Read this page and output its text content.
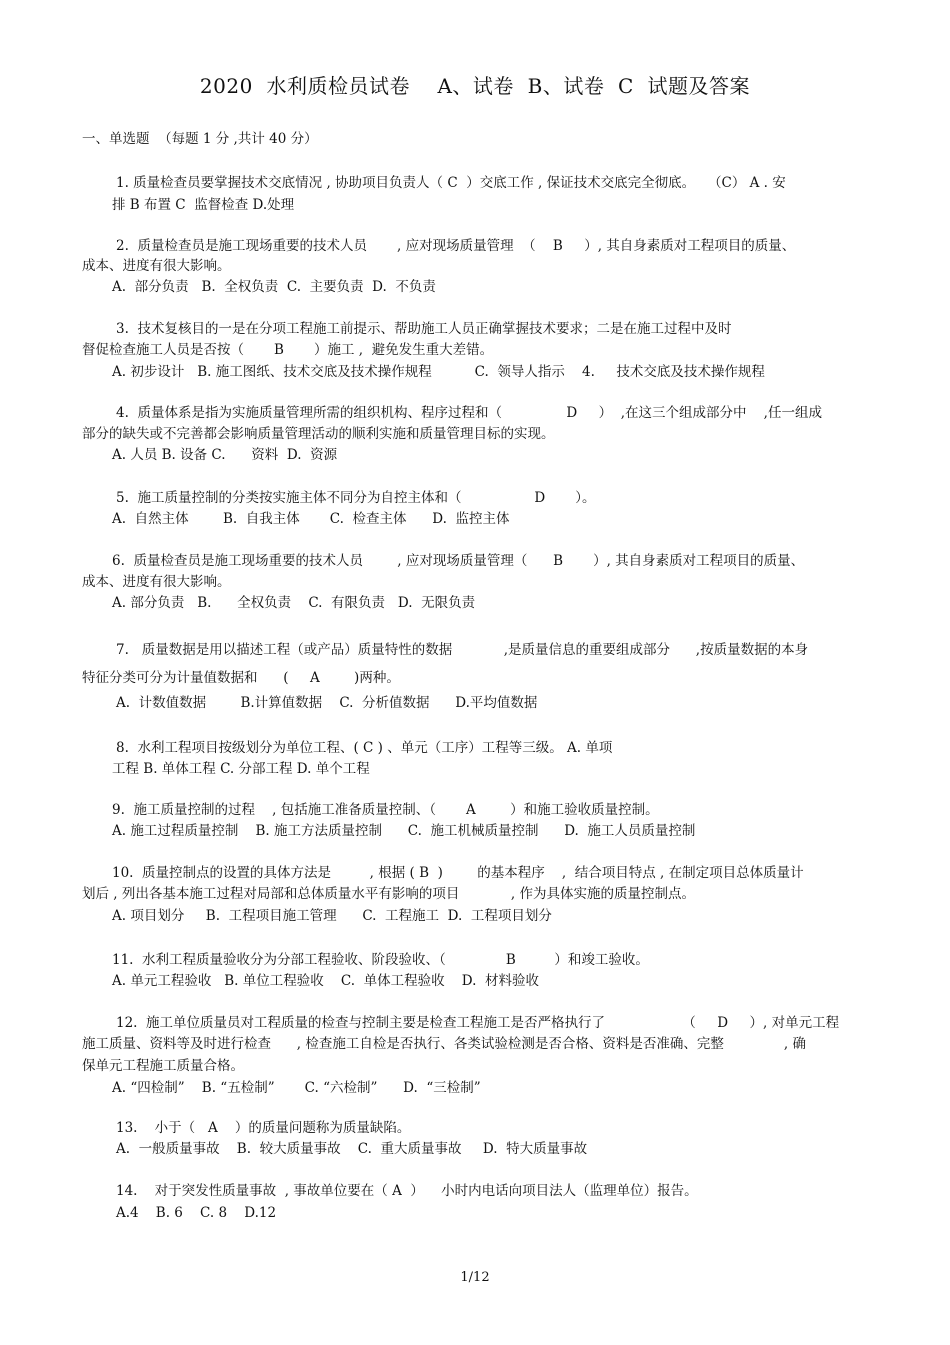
2020  水利质检员试卷    A、试卷  B、试卷  C  试题及答案
一、单选题  （每题 1 分 ,共计 40 分）
1. 质量检查员要掌握技术交底情况 , 协助项目负责人（ C  ）交底工作 , 保证技术交底完全彻底。   （C） A . 安
排 B 布置 C  监督检查 D.处理
2.  质量检查员是施工现场重要的技术人员       , 应对现场质量管理  （    B     ）, 其自身素质对工程项目的质量、
成本、进度有很大影响。
A.  部分负责   B.  全权负责  C.  主要负责  D.  不负责
3.  技术复核目的一是在分项工程施工前提示、帮助施工人员正确掌握技术要求；二是在施工过程中及时
督促检查施工人员是否按（       B       ）施工 ,  避免发生重大差错。
A. 初步设计   B. 施工图纸、技术交底及技术操作规程          C.  领导人指示    4.     技术交底及技术操作规程
4.  质量体系是指为实施质量管理所需的组织机构、程序过程和（               D     ）  ,在这三个组成部分中    ,任一组成
部分的缺失或不完善都会影响质量管理活动的顺利实施和质量管理目标的实现。
A. 人员 B. 设备 C.      资料  D.  资源
5.  施工质量控制的分类按实施主体不同分为自控主体和（                 D       ）。
A.  自然主体        B.  自我主体       C.  检查主体      D.  监控主体
6.  质量检查员是施工现场重要的技术人员        , 应对现场质量管理（      B       ）, 其自身素质对工程项目的质量、
成本、进度有很大影响。
A. 部分负责   B.      全权负责    C.  有限负责   D.  无限负责
7.   质量数据是用以描述工程（或产品）质量特性的数据            ,是质量信息的重要组成部分      ,按质量数据的本身
特征分类可分为计量值数据和      (     A        )两种。
A.  计数值数据        B.计算值数据    C.  分析值数据      D.平均值数据
8.  水利工程项目按级划分为单位工程、( C ) 、单元（工序）工程等三级。 A. 单项
工程 B. 单体工程 C. 分部工程 D. 单个工程
9.  施工质量控制的过程    , 包括施工准备质量控制、（       A        ）和施工验收质量控制。
A. 施工过程质量控制    B. 施工方法质量控制      C.  施工机械质量控制      D.  施工人员质量控制
10.  质量控制点的设置的具体方法是         , 根据 ( B  )        的基本程序    ,  结合项目特点 , 在制定项目总体质量计
划后 , 列出各基本施工过程对局部和总体质量水平有影响的项目            , 作为具体实施的质量控制点。
A. 项目划分     B.  工程项目施工管理      C.  工程施工  D.  工程项目划分
11.  水利工程质量验收分为分部工程验收、阶段验收、（              B         ）和竣工验收。
A. 单元工程验收   B. 单位工程验收    C.  单体工程验收    D.  材料验收
12.  施工单位质量员对工程质量的检查与控制主要是检查工程施工是否严格执行了                  （     D     ）, 对单元工程
施工质量、资料等及时进行检查      , 检查施工自检是否执行、各类试验检测是否合格、资料是否准确、完整              , 确
保单元工程施工质量合格。
A. “四检制”    B. “五检制”       C. “六检制”      D.  “三检制”
13.    小于（   A    ）的质量问题称为质量缺陷。
A.  一般质量事故    B.  较大质量事故    C.  重大质量事故     D.  特大质量事故
14.    对于突发性质量事故  , 事故单位要在（ A  ）    小时内电话向项目法人（监理单位）报告。
A.4    B. 6    C. 8    D.12
1/12
